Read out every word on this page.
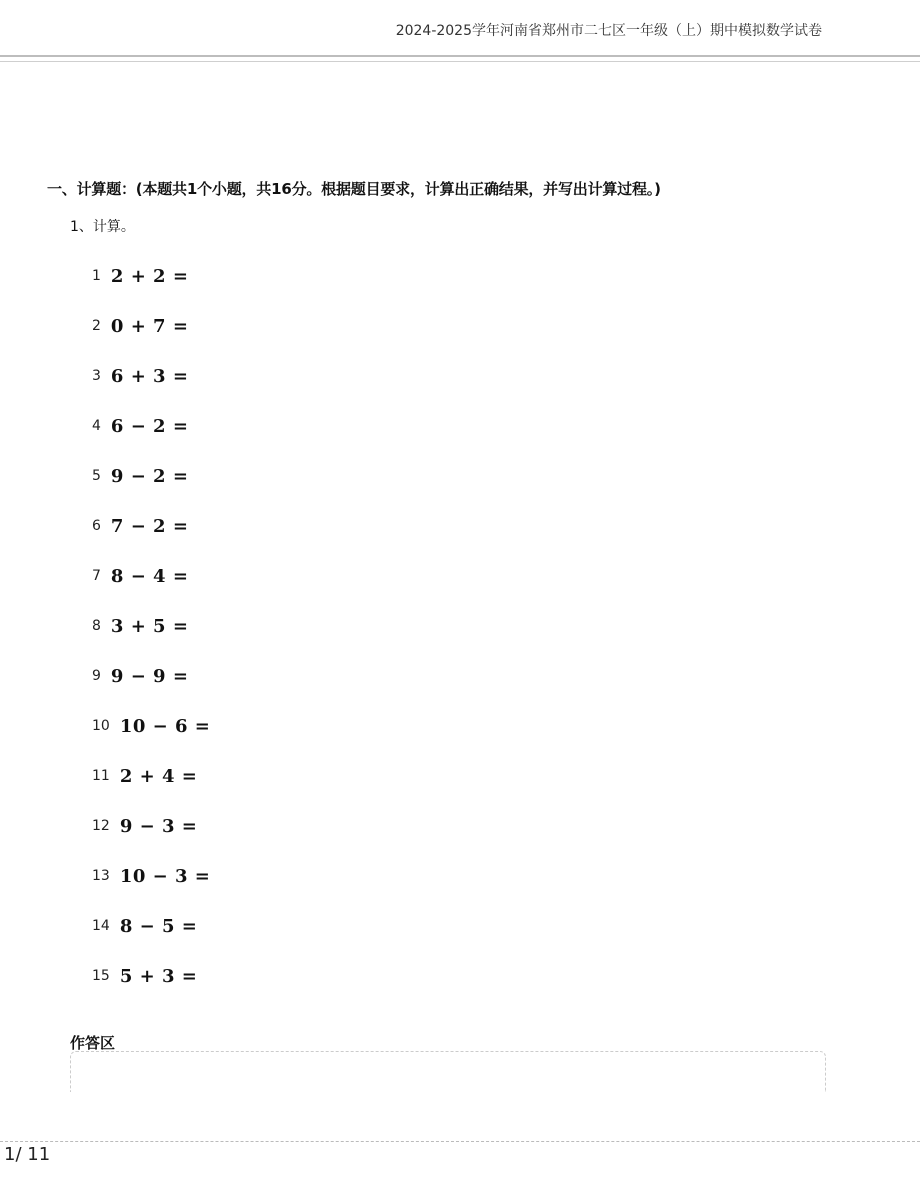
2024-2025学年河南省郑州市二七区一年级（上）期中模拟数学试卷
一、计算题：(本题共1个小题，共16分。根据题目要求，计算出正确结果，并写出计算过程。)
1、计算。
1 2 + 2 =
2 0 + 7 =
3 6 + 3 =
4 6 − 2 =
5 9 − 2 =
6 7 − 2 =
7 8 − 4 =
8 3 + 5 =
9 9 − 9 =
10 10 − 6 =
11 2 + 4 =
12 9 − 3 =
13 10 − 3 =
14 8 − 5 =
15 5 + 3 =
作答区
1/ 11
